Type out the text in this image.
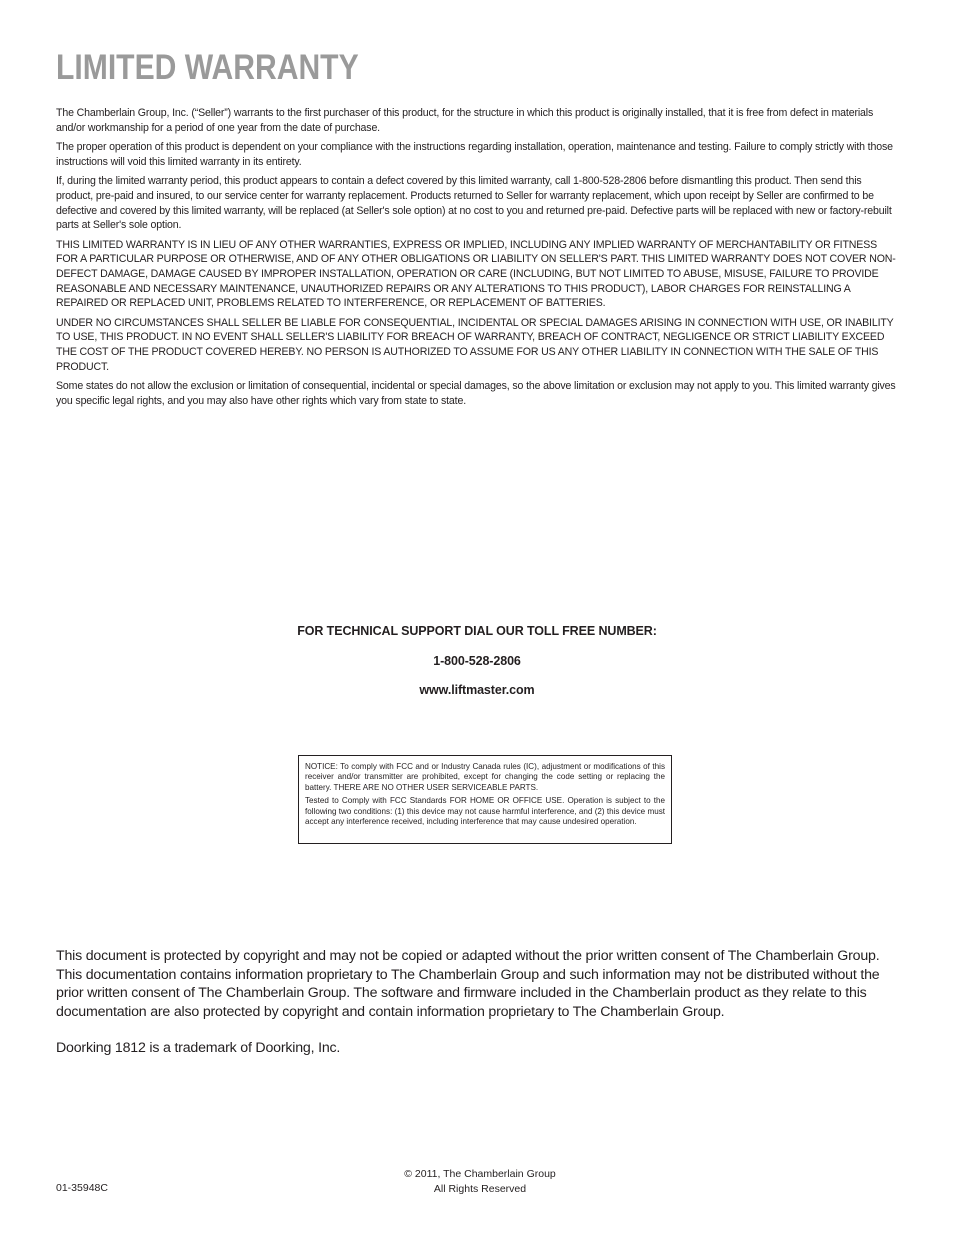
LIMITED WARRANTY

The Chamberlain Group, Inc. (“Seller”) warrants to the first purchaser of this product, for the structure in which this product is originally installed, that it is free from defect in materials and/or workmanship for a period of one year from the date of purchase.

The proper operation of this product is dependent on your compliance with the instructions regarding installation, operation, maintenance and testing. Failure to comply strictly with those instructions will void this limited warranty in its entirety.

If, during the limited warranty period, this product appears to contain a defect covered by this limited warranty, call 1-800-528-2806 before dismantling this product. Then send this product, pre-paid and insured, to our service center for warranty replacement. Products returned to Seller for warranty replacement, which upon receipt by Seller are confirmed to be defective and covered by this limited warranty, will be replaced (at Seller's sole option) at no cost to you and returned pre-paid. Defective parts will be replaced with new or factory-rebuilt parts at Seller's sole option.

THIS LIMITED WARRANTY IS IN LIEU OF ANY OTHER WARRANTIES, EXPRESS OR IMPLIED, INCLUDING ANY IMPLIED WARRANTY OF MERCHANTABILITY OR FITNESS FOR A PARTICULAR PURPOSE OR OTHERWISE, AND OF ANY OTHER OBLIGATIONS OR LIABILITY ON SELLER'S PART. THIS LIMITED WARRANTY DOES NOT COVER NON-DEFECT DAMAGE, DAMAGE CAUSED BY IMPROPER INSTALLATION, OPERATION OR CARE (INCLUDING, BUT NOT LIMITED TO ABUSE, MISUSE, FAILURE TO PROVIDE REASONABLE AND NECESSARY MAINTENANCE, UNAUTHORIZED REPAIRS OR ANY ALTERATIONS TO THIS PRODUCT), LABOR CHARGES FOR REINSTALLING A REPAIRED OR REPLACED UNIT, PROBLEMS RELATED TO INTERFERENCE, OR REPLACEMENT OF BATTERIES.

UNDER NO CIRCUMSTANCES SHALL SELLER BE LIABLE FOR CONSEQUENTIAL, INCIDENTAL OR SPECIAL DAMAGES ARISING IN CONNECTION WITH USE, OR INABILITY TO USE, THIS PRODUCT. IN NO EVENT SHALL SELLER'S LIABILITY FOR BREACH OF WARRANTY, BREACH OF CONTRACT, NEGLIGENCE OR STRICT LIABILITY EXCEED THE COST OF THE PRODUCT COVERED HEREBY. NO PERSON IS AUTHORIZED TO ASSUME FOR US ANY OTHER LIABILITY IN CONNECTION WITH THE SALE OF THIS PRODUCT.

Some states do not allow the exclusion or limitation of consequential, incidental or special damages, so the above limitation or exclusion may not apply to you. This limited warranty gives you specific legal rights, and you may also have other rights which vary from state to state.

FOR TECHNICAL SUPPORT DIAL OUR TOLL FREE NUMBER:
1-800-528-2806
www.liftmaster.com

NOTICE: To comply with FCC and or Industry Canada rules (IC), adjustment or modifications of this receiver and/or transmitter are prohibited, except for changing the code setting or replacing the battery. THERE ARE NO OTHER USER SERVICEABLE PARTS.

Tested to Comply with FCC Standards FOR HOME OR OFFICE USE. Operation is subject to the following two conditions: (1) this device may not cause harmful interference, and (2) this device must accept any interference received, including interference that may cause undesired operation.

This document is protected by copyright and may not be copied or adapted without the prior written consent of The Chamberlain Group. This documentation contains information proprietary to The Chamberlain Group and such information may not be distributed without the prior written consent of The Chamberlain Group. The software and firmware included in the Chamberlain product as they relate to this documentation are also protected by copyright and contain information proprietary to The Chamberlain Group.

Doorking 1812 is a trademark of Doorking, Inc.

01-35948C
© 2011, The Chamberlain Group
All Rights Reserved
